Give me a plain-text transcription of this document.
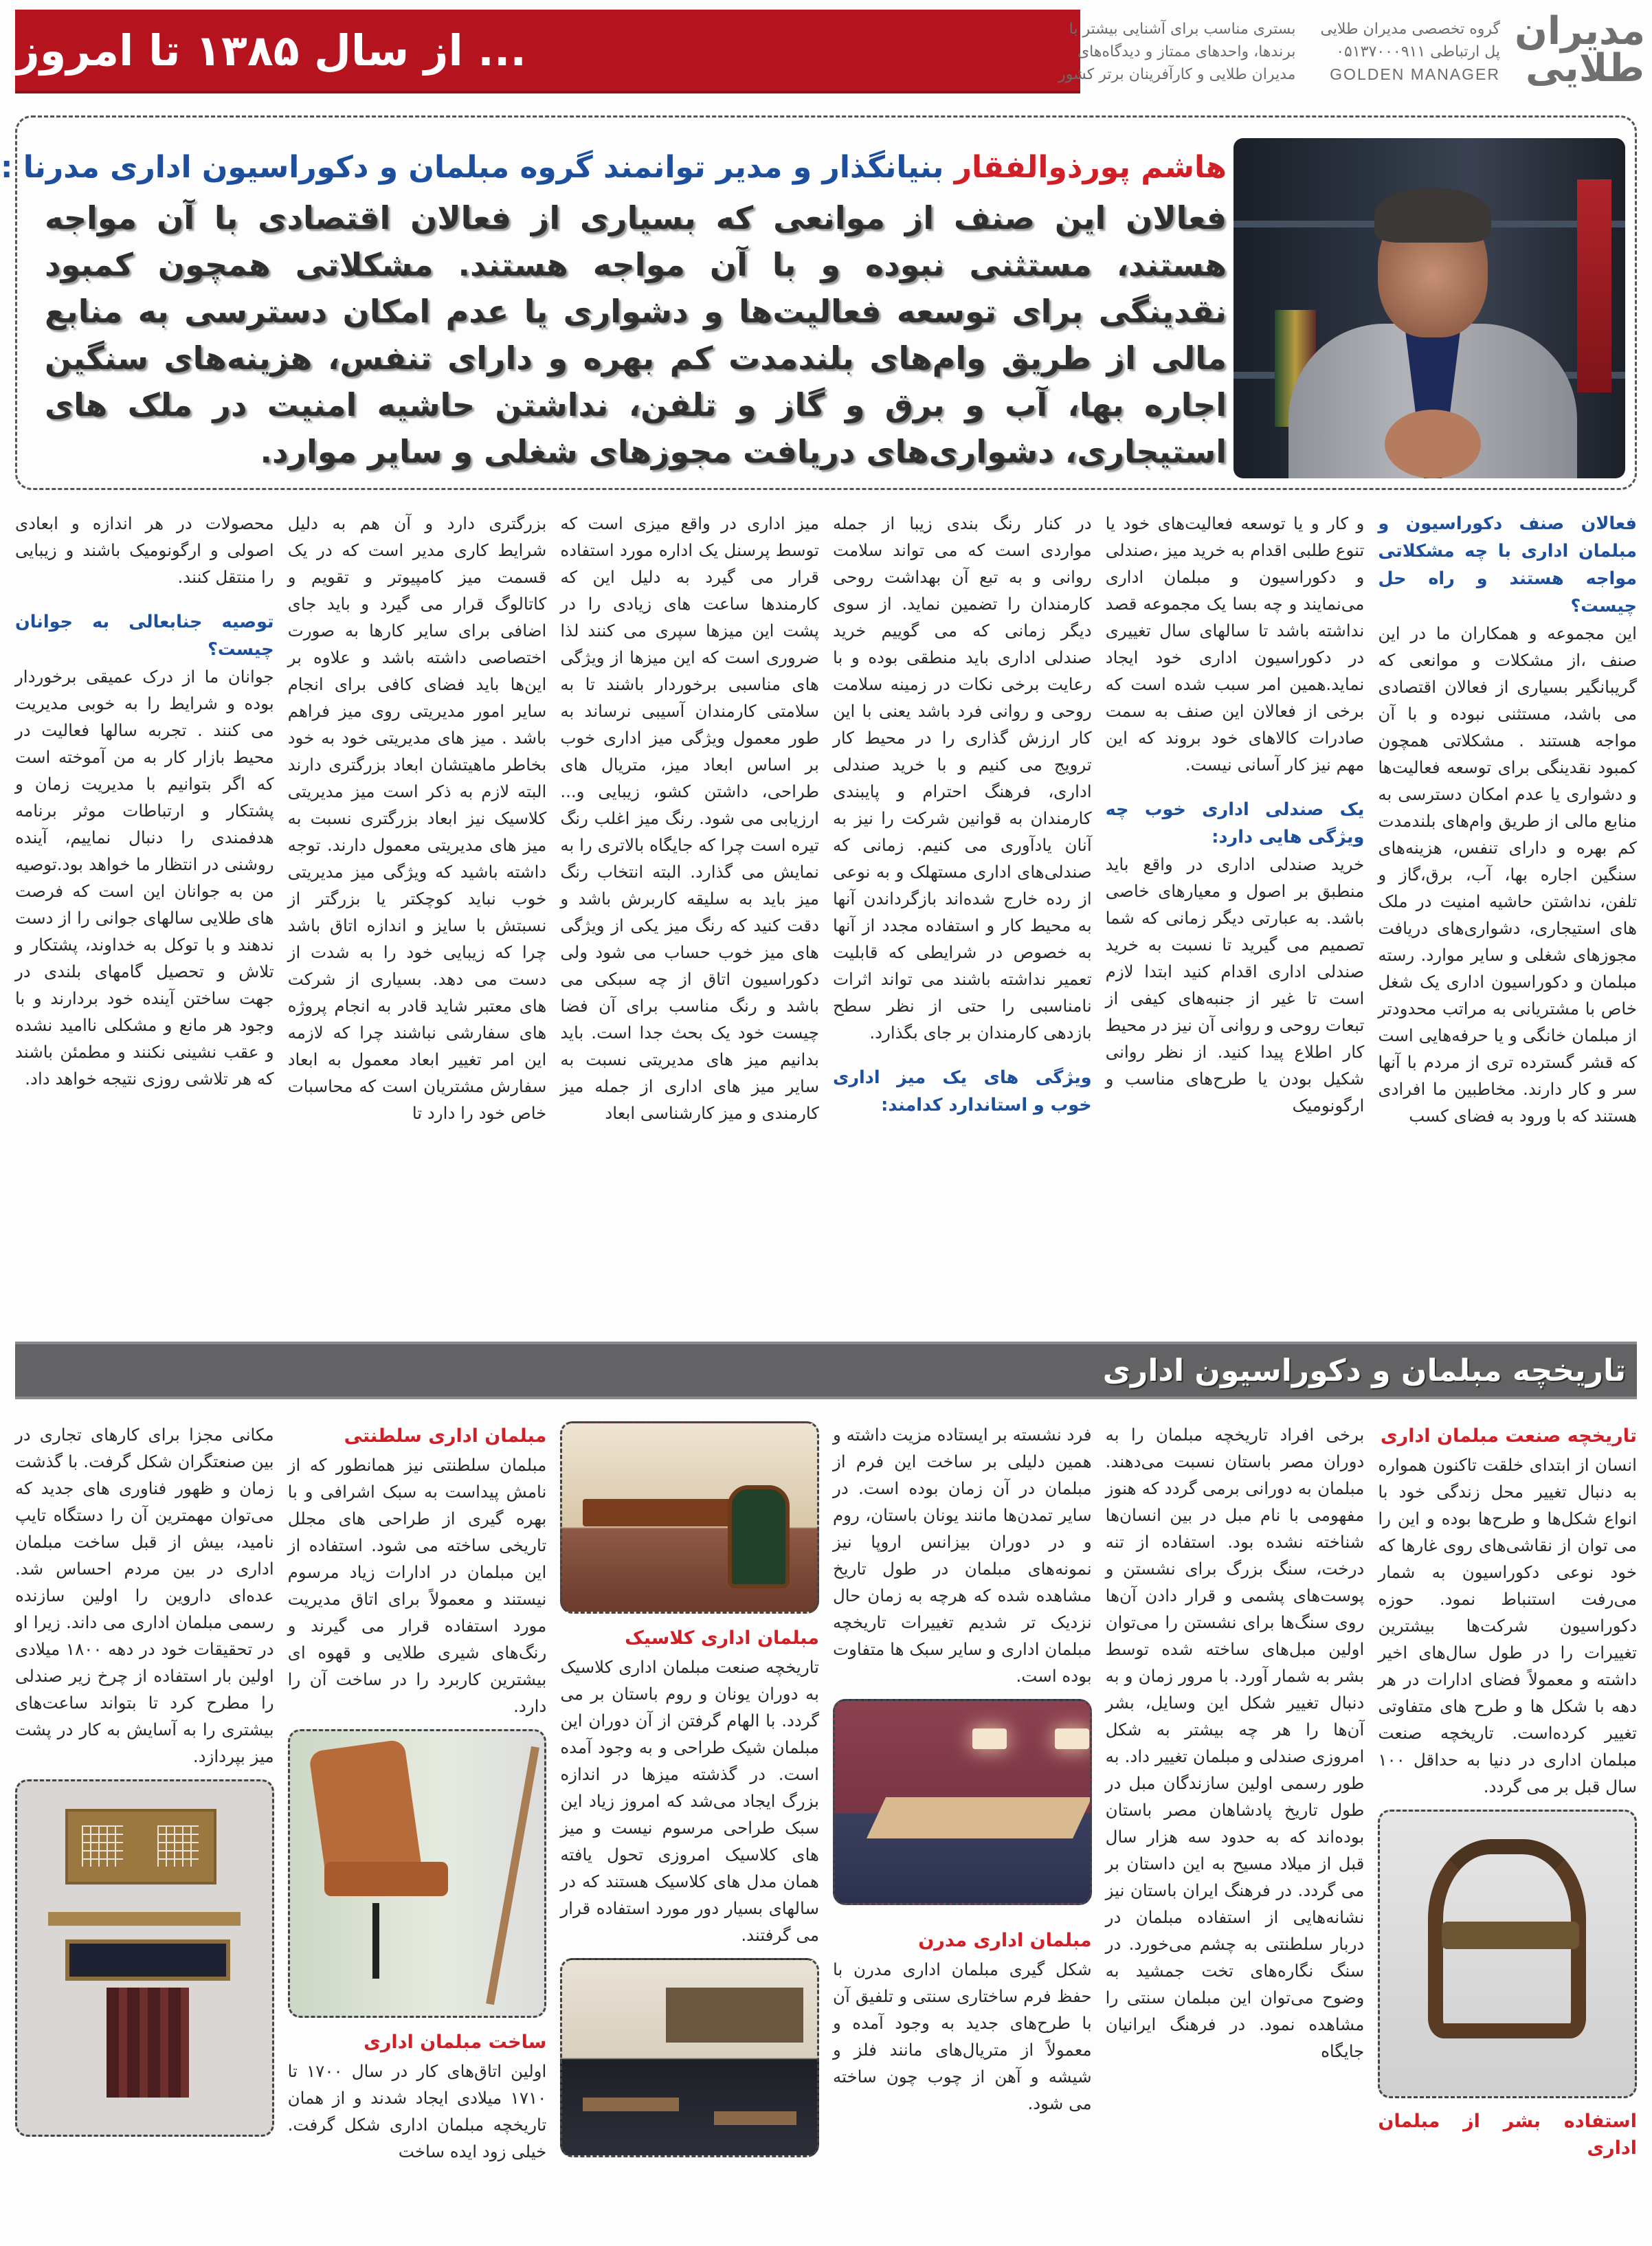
... از سال ۱۳۸۵ تا امروز	مدیران طلایی
گروه تخصصی مدیران طلایی
پل ارتباطی ۰۵۱۳۷۰۰۰۹۱۱
GOLDEN MANAGER
بستری مناسب برای آشنایی بیشتر با
برندها، واحدهای ممتاز و دیدگاه‌های
مدیران طلایی و کارآفرینان برتر کشور
هاشم پورذوالفقار بنیانگذار و مدیر توانمند گروه مبلمان و دکوراسیون اداری مدرنا :

فعالان این صنف از موانعی که بسیاری از فعالان اقتصادی با آن مواجه هستند، مستثنی نبوده و با آن مواجه هستند. مشکلاتی همچون کمبود نقدینگی برای توسعه فعالیت‌ها و دشواری یا عدم امکان دسترسی به منابع مالی از طریق وام‌های بلندمدت کم بهره و دارای تنفس، هزینه‌های سنگین اجاره بها، آب و برق و گاز و تلفن، نداشتن حاشیه امنیت در ملک های استیجاری، دشواری‌های دریافت مجوزهای شغلی و سایر موارد.

فعالان صنف دکوراسیون و مبلمان اداری با چه مشکلاتی مواجه هستند و راه حل چیست؟

این مجموعه و همکاران ما در این صنف ،از مشکلات و موانعی که گریبانگیر بسیاری از فعالان اقتصادی می باشد، مستثنی نبوده و با آن مواجه هستند . مشکلاتی همچون کمبود نقدینگی برای توسعه فعالیت‌ها و دشواری یا عدم امکان دسترسی به منابع مالی از طریق وام‌های بلندمدت کم بهره و دارای تنفس، هزینه‌های سنگین اجاره بها، آب، برق،گاز و تلفن، نداشتن حاشیه امنیت در ملک های استیجاری، دشواری‌های دریافت مجوزهای شغلی و سایر موارد. رسته مبلمان و دکوراسیون اداری یک شغل خاص با مشتریانی به مراتب محدودتر از مبلمان خانگی و یا حرفه‌هایی است که قشر گسترده تری از مردم با آنها سر و کار دارند. مخاطبین ما افرادی هستند که با ورود به فضای کسب

و کار و یا توسعه فعالیت‌های خود یا تنوع طلبی اقدام به خرید میز ،صندلی و دکوراسیون و مبلمان اداری می‌نمایند و چه بسا یک مجموعه قصد نداشته باشد تا سالهای سال تغییری در دکوراسیون اداری خود ایجاد نماید.همین امر سبب شده است که برخی از فعالان این صنف به سمت صادرات کالاهای خود بروند که این مهم نیز کار آسانی نیست.

یک صندلی اداری خوب چه ویژگی هایی دارد:

خرید صندلی اداری در واقع باید منطبق بر اصول و معیارهای خاصی باشد. به عبارتی دیگر زمانی که شما تصمیم می گیرید تا نسبت به خرید صندلی اداری اقدام کنید ابتدا لازم است تا غیر از جنبه‌های کیفی از تبعات روحی و روانی آن نیز در محیط کار اطلاع پیدا کنید. از نظر روانی شکیل بودن یا طرح‌های مناسب و ارگونومیک

در کنار رنگ بندی زیبا از جمله مواردی است که می تواند سلامت روانی و به تبع آن بهداشت روحی کارمندان را تضمین نماید. از سوی دیگر زمانی که می گوییم خرید صندلی اداری باید منطقی بوده و با رعایت برخی نکات در زمینه سلامت روحی و روانی فرد باشد یعنی با این کار ارزش گذاری را در محیط کار ترویج می کنیم و با خرید صندلی اداری، فرهنگ احترام و پایبندی کارمندان به قوانین شرکت را نیز به آنان یادآوری می کنیم. زمانی که صندلی‌های اداری مستهلک و به نوعی از رده خارج شده‌اند بازگرداندن آنها به محیط کار و استفاده مجدد از آنها به خصوص در شرایطی که قابلیت تعمیر نداشته باشند می تواند اثرات نامناسبی را حتی از نظر سطح بازدهی کارمندان بر جای بگذارد.

ویژگی های یک میز اداری خوب و استاندارد کدامند:

میز اداری در واقع میزی است که توسط پرسنل یک اداره مورد استفاده قرار می گیرد به دلیل این که کارمندها ساعت های زیادی را در پشت این میزها سپری می کنند لذا ضروری است که این میزها از ویژگی های مناسبی برخوردار باشند تا به سلامتی کارمندان آسیبی نرساند به طور معمول ویژگی میز اداری خوب بر اساس ابعاد میز، متریال های طراحی، داشتن کشو، زیبایی و... ارزیابی می شود. رنگ میز اغلب رنگ تیره است چرا که جایگاه بالاتری را به نمایش می گذارد. البته انتخاب رنگ میز باید به سلیقه کاربرش باشد و دقت کنید که رنگ میز یکی از ویژگی های میز خوب حساب می شود ولی دکوراسیون اتاق از چه سبکی می باشد و رنگ مناسب برای آن فضا چیست خود یک بحث جدا است. باید بدانیم میز های مدیریتی نسبت به سایر میز های اداری از جمله میز کارمندی و میز کارشناسی ابعاد

بزرگتری دارد و آن هم به دلیل شرایط کاری مدیر است که در یک قسمت میز کامپیوتر و تقویم و کاتالوگ قرار می گیرد و باید جای اضافی برای سایر کارها به صورت اختصاصی داشته باشد و علاوه بر این‌ها باید فضای کافی برای انجام سایر امور مدیریتی روی میز فراهم باشد . میز های مدیریتی خود به خود بخاطر ماهیتشان ابعاد بزرگتری دارند البته لازم به ذکر است میز مدیریتی کلاسیک نیز ابعاد بزرگتری نسبت به میز های مدیریتی معمول دارند. توجه داشته باشید که ویژگی میز مدیریتی خوب نباید کوچکتر یا بزرگتر از نسبتش با سایز و اندازه اتاق باشد چرا که زیبایی خود را به شدت از دست می دهد. بسیاری از شرکت های معتبر شاید قادر به انجام پروژه های سفارشی نباشند چرا که لازمه این امر تغییر ابعاد معمول به ابعاد سفارش مشتریان است که محاسبات خاص خود را دارد تا

محصولات در هر اندازه و ابعادی اصولی و ارگونومیک باشند و زیبایی را منتقل کنند.

توصیه جنابعالی به جوانان چیست؟

جوانان ما از درک عمیقی برخوردار بوده و شرایط را به خوبی مدیریت می کنند . تجربه سالها فعالیت در محیط بازار کار به من آموخته است که اگر بتوانیم با مدیریت زمان و پشتکار و ارتباطات موثر برنامه هدفمندی را دنبال نماییم، آینده روشنی در انتظار ما خواهد بود.توصیه من به جوانان این است که فرصت های طلایی سالهای جوانی را از دست ندهند و با توکل به خداوند، پشتکار و تلاش و تحصیل گامهای بلندی در جهت ساختن آینده خود بردارند و با وجود هر مانع و مشکلی ناامید نشده و عقب نشینی نکنند و مطمئن باشند که هر تلاشی روزی نتیجه خواهد داد.

تاریخچه مبلمان و دکوراسیون اداری

تاریخچه صنعت مبلمان اداری

انسان از ابتدای خلقت تاکنون همواره به دنبال تغییر محل زندگی خود با انواع شکل‌ها و طرح‌ها بوده و این را می توان از نقاشی‌های روی غارها که خود نوعی دکوراسیون به شمار می‌رفت استنباط نمود. حوزه دکوراسیون شرکت‌ها بیشترین تغییرات را در طول سال‌های اخیر داشته و معمولاً فضای ادارات در هر دهه با شکل ها و طرح های متفاوتی تغییر کرده‌است. تاریخچه صنعت مبلمان اداری در دنیا به حداقل ۱۰۰ سال قبل بر می گردد.

استفاده بشر از مبلمان اداری

برخی افراد تاریخچه مبلمان را به دوران مصر باستان نسبت می‌دهند. مبلمان به دورانی برمی گردد که هنوز مفهومی با نام مبل در بین انسان‌ها شناخته نشده بود. استفاده از تنه درخت، سنگ بزرگ برای نشستن و پوست‌های پشمی و قرار دادن آن‌ها روی سنگ‌ها برای نشستن را می‌توان اولین مبل‌های ساخته شده توسط بشر به شمار آورد. با مرور زمان و به دنبال تغییر شکل این وسایل، بشر آن‌ها را هر چه بیشتر به شکل امروزی صندلی و مبلمان تغییر داد. به طور رسمی اولین سازندگان مبل در طول تاریخ پادشاهان مصر باستان بوده‌اند که به حدود سه هزار سال قبل از میلاد مسیح به این داستان بر می گردد. در فرهنگ ایران باستان نیز نشانه‌هایی از استفاده مبلمان در دربار سلطنتی به چشم می‌خورد. در سنگ نگاره‌های تخت جمشید به وضوح می‌توان این مبلمان سنتی را مشاهده نمود. در فرهنگ ایرانیان جایگاه

فرد نشسته بر ایستاده مزیت داشته و همین دلیلی بر ساخت این فرم از مبلمان در آن زمان بوده است. در سایر تمدن‌ها مانند یونان باستان، روم و در دوران بیزانس اروپا نیز نمونه‌های مبلمان در طول تاریخ مشاهده شده که هرچه به زمان حال نزدیک تر شدیم تغییرات تاریخچه مبلمان اداری و سایر سبک ها متفاوت بوده است.

مبلمان اداری مدرن

شکل گیری مبلمان اداری مدرن با حفظ فرم ساختاری سنتی و تلفیق آن با طرح‌های جدید به وجود آمده و معمولاً از متریال‌های مانند فلز و شیشه و آهن از چوب چون ساخته می شود.

مبلمان اداری کلاسیک

تاریخچه صنعت مبلمان اداری کلاسیک به دوران یونان و روم باستان بر می گردد. با الهام گرفتن از آن دوران این مبلمان شیک طراحی و به وجود آمده است. در گذشته میزها در اندازه بزرگ ایجاد می‌شد که امروز زیاد این سبک طراحی مرسوم نیست و میز های کلاسیک امروزی تحول یافته همان مدل های کلاسیک هستند که در سالهای بسیار دور مورد استفاده قرار می گرفتند.

مبلمان اداری سلطنتی

مبلمان سلطنتی نیز همانطور که از نامش پیداست به سبک اشرافی و با بهره گیری از طراحی های مجلل تاریخی ساخته می شود. استفاده از این مبلمان در ادارات زیاد مرسوم نیستند و معمولاً برای اتاق مدیریت مورد استفاده قرار می گیرند و رنگ‌های شیری طلایی و قهوه ای بیشترین کاربرد را در ساخت آن را دارد.

ساخت مبلمان اداری

اولین اتاق‌های کار در سال ۱۷۰۰ تا ۱۷۱۰ میلادی ایجاد شدند و از همان تاریخچه مبلمان اداری شکل گرفت. خیلی زود ایده ساخت

مکانی مجزا برای کارهای تجاری در بین صنعتگران شکل گرفت. با گذشت زمان و ظهور فناوری های جدید که می‌توان مهمترین آن را دستگاه تایپ نامید، بیش از قبل ساخت مبلمان اداری در بین مردم احساس شد. عده‌ای داروین را اولین سازنده رسمی مبلمان اداری می داند. زیرا او در تحقیقات خود در دهه ۱۸۰۰ میلادی اولین بار استفاده از چرخ زیر صندلی را مطرح کرد تا بتواند ساعت‌های بیشتری را به آسایش به کار در پشت میز بپردازد.
